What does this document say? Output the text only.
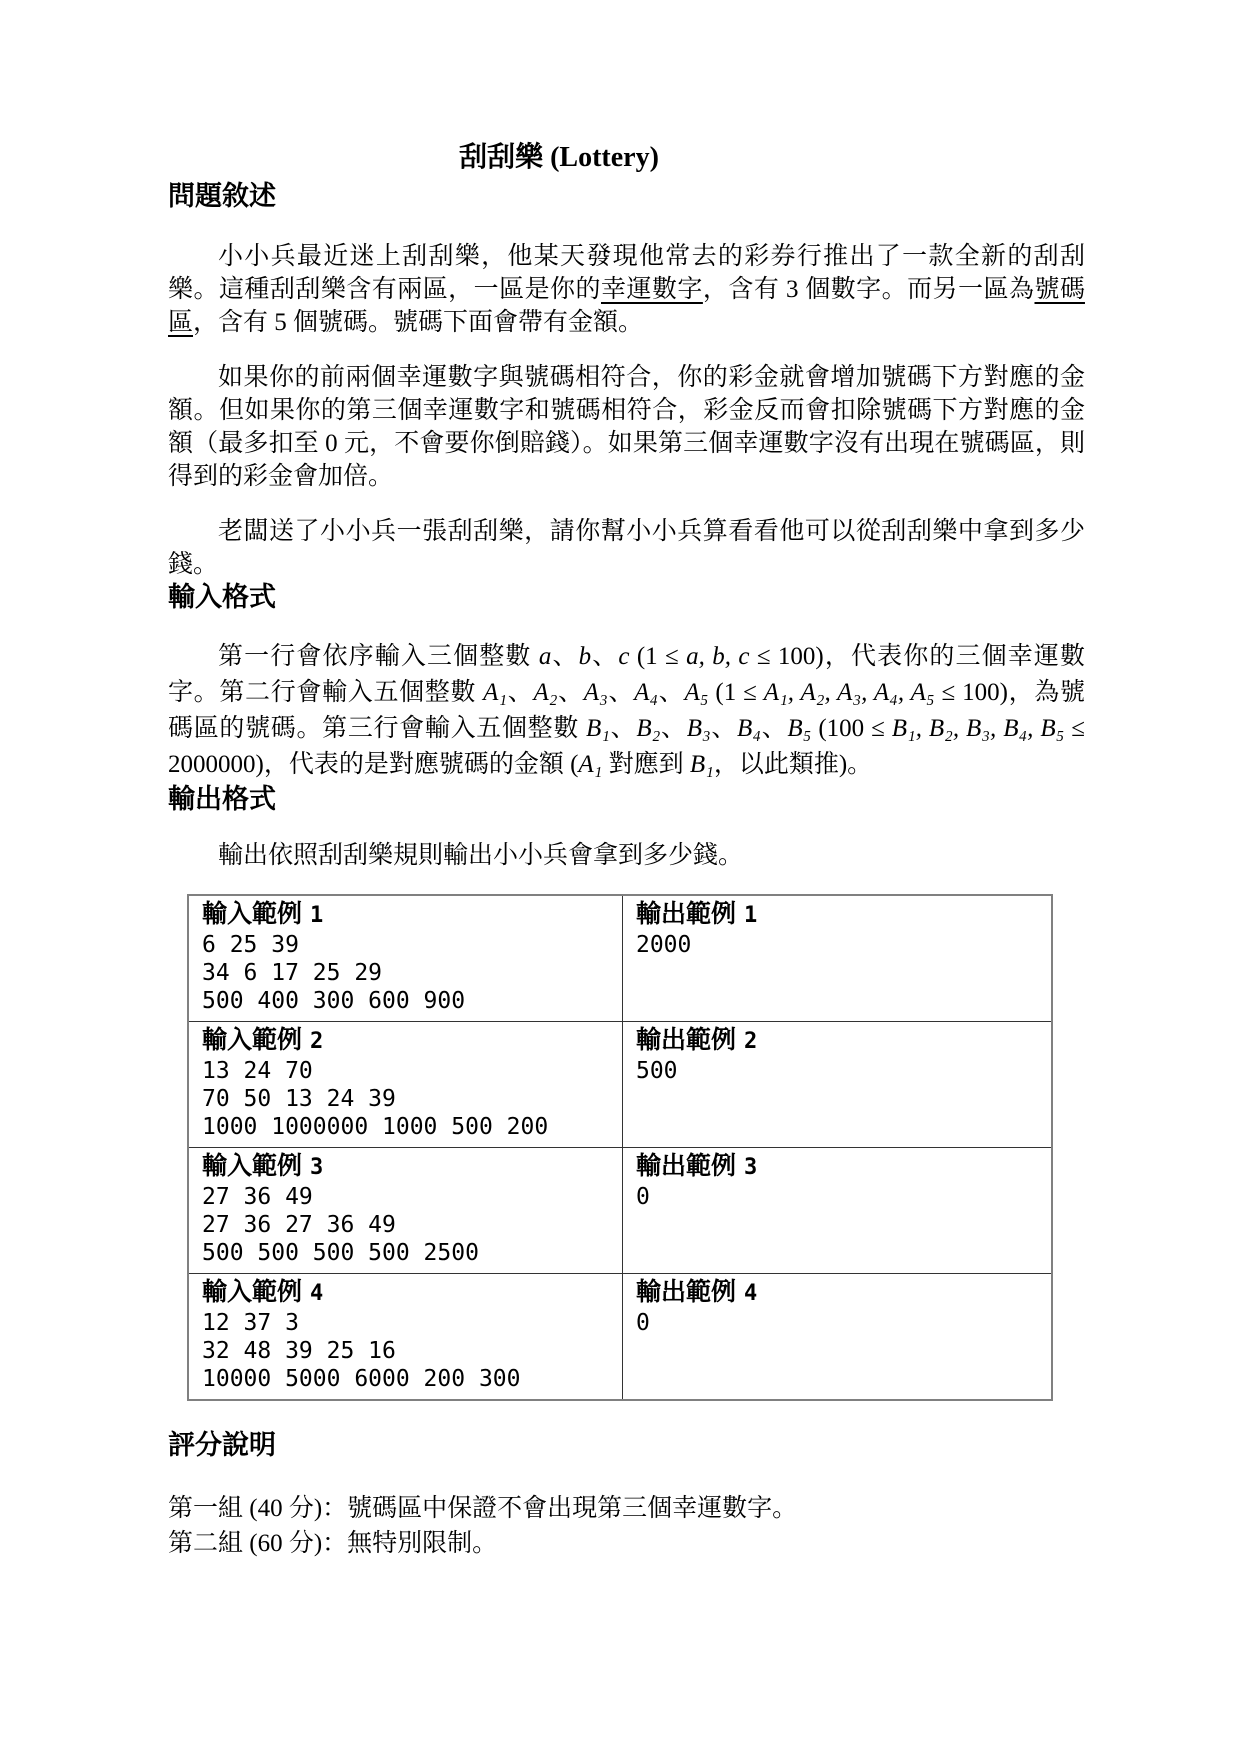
刮刮樂 (Lottery)
問題敘述

小小兵最近迷上刮刮樂，他某天發現他常去的彩券行推出了一款全新的刮刮樂。這種刮刮樂含有兩區，一區是你的幸運數字，含有 3 個數字。而另一區為號碼區，含有 5 個號碼。號碼下面會帶有金額。

如果你的前兩個幸運數字與號碼相符合，你的彩金就會增加號碼下方對應的金額。但如果你的第三個幸運數字和號碼相符合，彩金反而會扣除號碼下方對應的金額（最多扣至 0 元，不會要你倒賠錢）。如果第三個幸運數字沒有出現在號碼區，則得到的彩金會加倍。

老闆送了小小兵一張刮刮樂，請你幫小小兵算看看他可以從刮刮樂中拿到多少錢。

輸入格式

第一行會依序輸入三個整數 a、b、c (1 ≤ a, b, c ≤ 100)，代表你的三個幸運數字。第二行會輸入五個整數 A₁、A₂、A₃、A₄、A₅ (1 ≤ A₁, A₂, A₃, A₄, A₅ ≤ 100)，為號碼區的號碼。第三行會輸入五個整數 B₁、B₂、B₃、B₄、B₅ (100 ≤ B₁, B₂, B₃, B₄, B₅ ≤ 2000000)，代表的是對應號碼的金額 (A₁ 對應到 B₁，以此類推)。

輸出格式

輸出依照刮刮樂規則輸出小小兵會拿到多少錢。

輸入範例 1
6 25 39
34 6 17 25 29
500 400 300 600 900

輸出範例 1
2000

輸入範例 2
13 24 70
70 50 13 24 39
1000 1000000 1000 500 200

輸出範例 2
500

輸入範例 3
27 36 49
27 36 27 36 49
500 500 500 500 2500

輸出範例 3
0

輸入範例 4
12 37 3
32 48 39 25 16
10000 5000 6000 200 300

輸出範例 4
0
評分說明

第一組 (40 分)：號碼區中保證不會出現第三個幸運數字。

第二組 (60 分)：無特別限制。
